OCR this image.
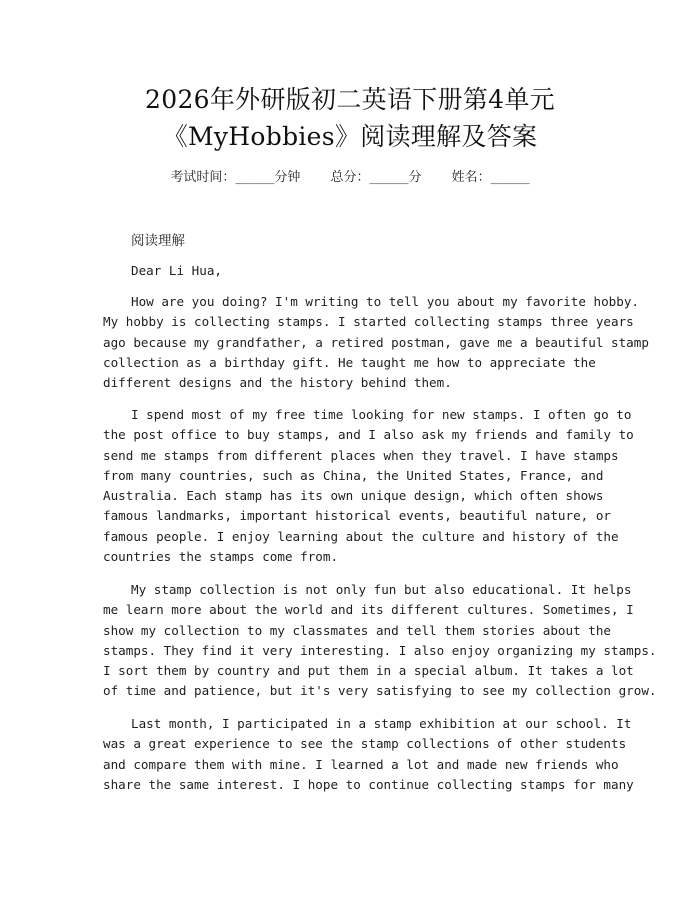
2026年外研版初二英语下册第4单元
《MyHobbies》阅读理解及答案
考试时间：______分钟 总分：______分 姓名：______
阅读理解
Dear Li Hua,
How are you doing? I'm writing to tell you about my favorite hobby.
My hobby is collecting stamps. I started collecting stamps three years
ago because my grandfather, a retired postman, gave me a beautiful stamp
collection as a birthday gift. He taught me how to appreciate the
different designs and the history behind them.
I spend most of my free time looking for new stamps. I often go to
the post office to buy stamps, and I also ask my friends and family to
send me stamps from different places when they travel. I have stamps
from many countries, such as China, the United States, France, and
Australia. Each stamp has its own unique design, which often shows
famous landmarks, important historical events, beautiful nature, or
famous people. I enjoy learning about the culture and history of the
countries the stamps come from.
My stamp collection is not only fun but also educational. It helps
me learn more about the world and its different cultures. Sometimes, I
show my collection to my classmates and tell them stories about the
stamps. They find it very interesting. I also enjoy organizing my stamps.
I sort them by country and put them in a special album. It takes a lot
of time and patience, but it's very satisfying to see my collection grow.
Last month, I participated in a stamp exhibition at our school. It
was a great experience to see the stamp collections of other students
and compare them with mine. I learned a lot and made new friends who
share the same interest. I hope to continue collecting stamps for many
